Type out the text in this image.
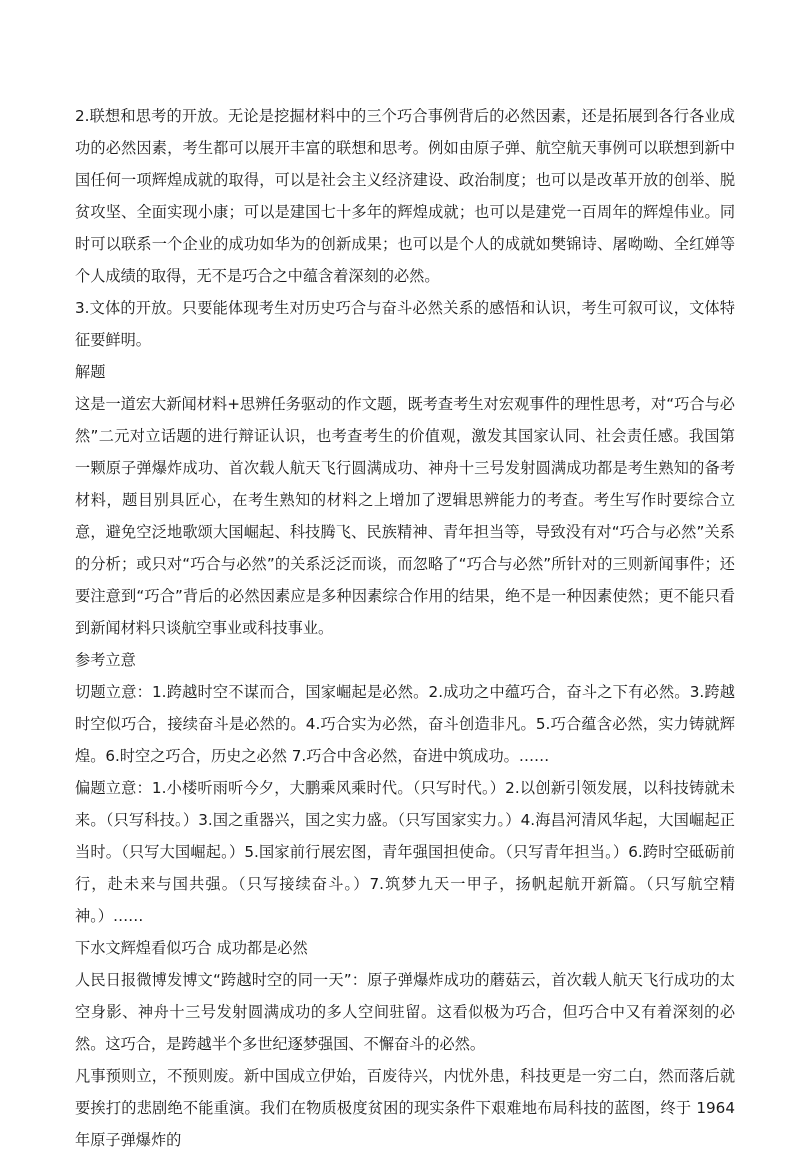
2.联想和思考的开放。无论是挖掘材料中的三个巧合事例背后的必然因素，还是拓展到各行各业成功的必然因素，考生都可以展开丰富的联想和思考。例如由原子弹、航空航天事例可以联想到新中国任何一项辉煌成就的取得，可以是社会主义经济建设、政治制度；也可以是改革开放的创举、脱贫攻坚、全面实现小康；可以是建国七十多年的辉煌成就；也可以是建党一百周年的辉煌伟业。同时可以联系一个企业的成功如华为的创新成果；也可以是个人的成就如樊锦诗、屠呦呦、全红婵等个人成绩的取得，无不是巧合之中蕴含着深刻的必然。
3.文体的开放。只要能体现考生对历史巧合与奋斗必然关系的感悟和认识，考生可叙可议，文体特征要鲜明。
解题
这是一道宏大新闻材料+思辨任务驱动的作文题，既考查考生对宏观事件的理性思考，对“巧合与必然”二元对立话题的进行辩证认识，也考查考生的价值观，激发其国家认同、社会责任感。我国第一颗原子弹爆炸成功、首次载人航天飞行圆满成功、神舟十三号发射圆满成功都是考生熟知的备考材料，题目别具匠心，在考生熟知的材料之上增加了逻辑思辨能力的考查。考生写作时要综合立意，避免空泛地歌颂大国崛起、科技腾飞、民族精神、青年担当等，导致没有对“巧合与必然”关系的分析；或只对“巧合与必然”的关系泛泛而谈，而忽略了“巧合与必然”所针对的三则新闻事件；还要注意到“巧合”背后的必然因素应是多种因素综合作用的结果，绝不是一种因素使然；更不能只看到新闻材料只谈航空事业或科技事业。
参考立意
切题立意：1.跨越时空不谋而合，国家崛起是必然。2.成功之中蕴巧合，奋斗之下有必然。3.跨越时空似巧合，接续奋斗是必然的。4.巧合实为必然，奋斗创造非凡。5.巧合蕴含必然，实力铸就辉煌。6.时空之巧合，历史之必然 7.巧合中含必然，奋进中筑成功。……
偏题立意：1.小楼听雨听今夕，大鹏乘风乘时代。（只写时代。）2.以创新引领发展，以科技铸就未来。（只写科技。）3.国之重器兴，国之实力盛。（只写国家实力。）4.海昌河清风华起，大国崛起正当时。（只写大国崛起。）5.国家前行展宏图，青年强国担使命。（只写青年担当。）6.跨时空砥砺前行，赴未来与国共强。（只写接续奋斗。）7.筑梦九天一甲子，扬帆起航开新篇。（只写航空精神。）……
下水文辉煌看似巧合 成功都是必然
人民日报微博发博文“跨越时空的同一天”：原子弹爆炸成功的蘑菇云，首次载人航天飞行成功的太空身影、神舟十三号发射圆满成功的多人空间驻留。这看似极为巧合，但巧合中又有着深刻的必然。这巧合，是跨越半个多世纪逐梦强国、不懈奋斗的必然。
凡事预则立，不预则废。新中国成立伊始，百废待兴，内忧外患，科技更是一穷二白，然而落后就要挨打的悲剧绝不能重演。我们在物质极度贫困的现实条件下艰难地布局科技的蓝图，终于 1964 年原子弹爆炸的
